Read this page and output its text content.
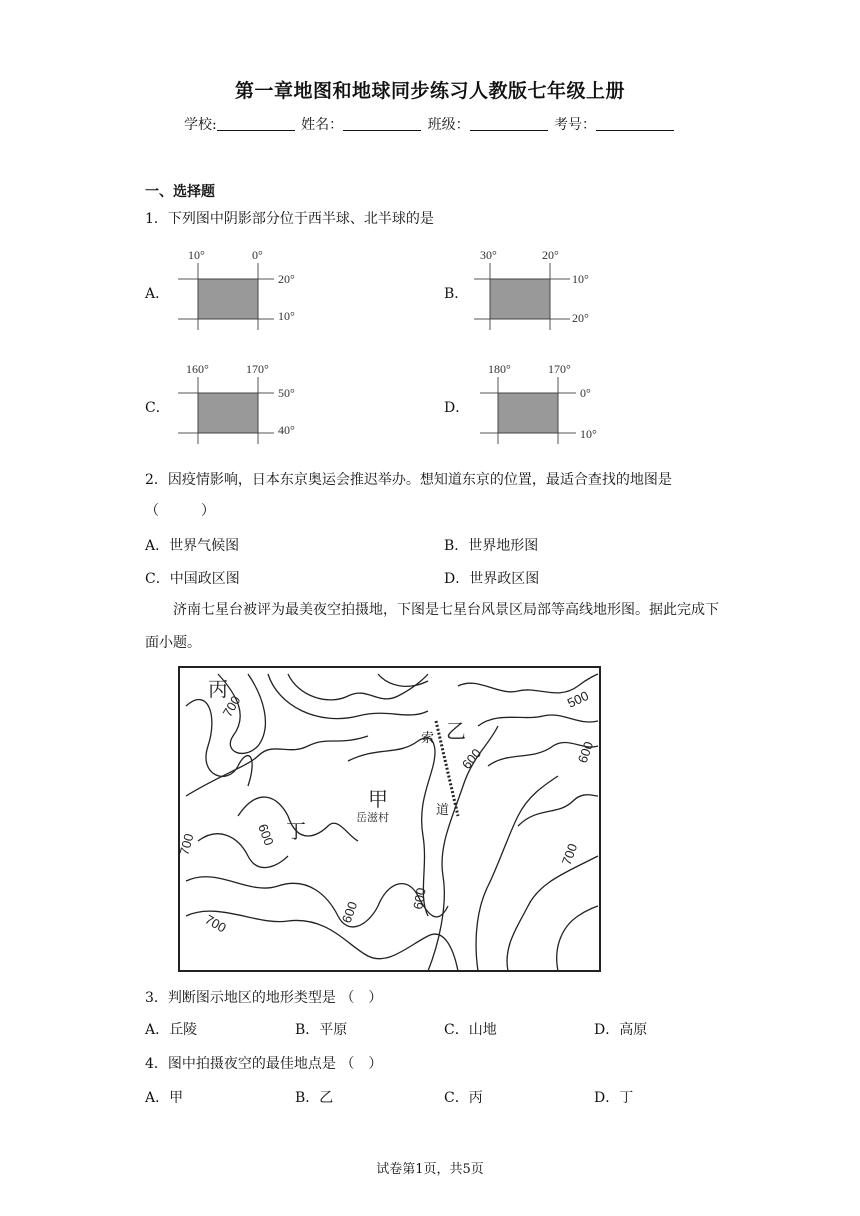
第一章地图和地球同步练习人教版七年级上册
学校:	姓名：	班级：	考号：
一、选择题
1．下列图中阴影部分位于西半球、北半球的是
A．
10°	0°
20°
10°
B．
30°	20°
10°
20°
C．
160°	170°
50°
40°
D．
180°	170°
0°
10°
2．因疫情影响，日本东京奥运会推迟举办。想知道东京的位置，最适合查找的地图是
（　　　）
A．世界气候图	B．世界地形图
C．中国政区图	D．世界政区图
济南七星台被评为最美夜空拍摄地，下图是七星台风景区局部等高线地形图。据此完成下面小题。
丙
乙
甲
丁
岳滋村
索
道
700	500
600	600
700	600
700
600
600
700
3．判断图示地区的地形类型是 （　）
A．丘陵	B．平原	C．山地	D．高原
4．图中拍摄夜空的最佳地点是 （　）
A．甲	B．乙	C．丙	D．丁
试卷第1页，共5页
